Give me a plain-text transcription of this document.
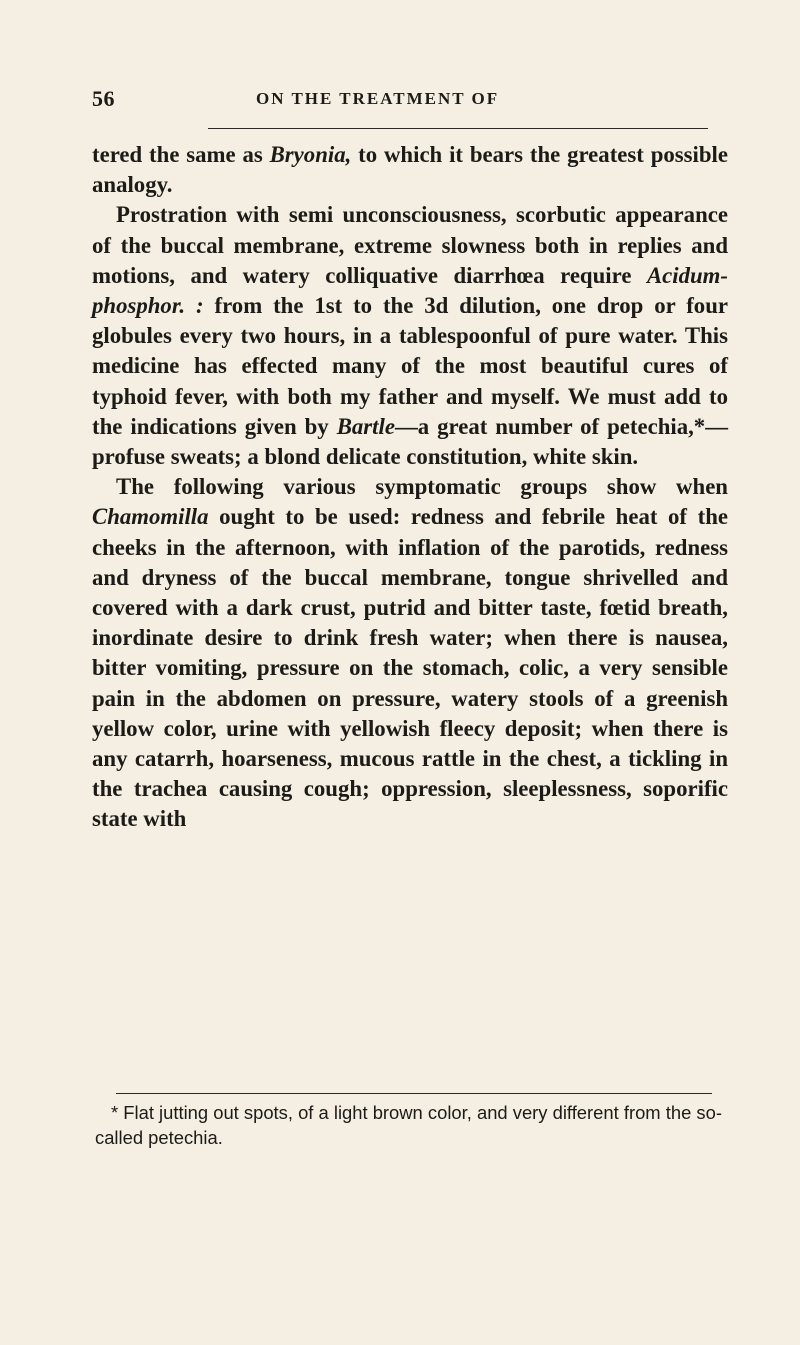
56	ON THE TREATMENT OF

tered the same as Bryonia, to which it bears the greatest possible analogy.

Prostration with semi unconsciousness, scorbutic appearance of the buccal membrane, extreme slowness both in replies and motions, and watery colliquative diarrhœa require Acidum-phosphor. : from the 1st to the 3d dilution, one drop or four globules every two hours, in a tablespoonful of pure water. This medicine has effected many of the most beautiful cures of typhoid fever, with both my father and myself. We must add to the indications given by Bartle—a great number of petechia,*—profuse sweats; a blond delicate constitution, white skin.

The following various symptomatic groups show when Chamomilla ought to be used: redness and febrile heat of the cheeks in the afternoon, with inflation of the parotids, redness and dryness of the buccal membrane, tongue shrivelled and covered with a dark crust, putrid and bitter taste, fœtid breath, inordinate desire to drink fresh water; when there is nausea, bitter vomiting, pressure on the stomach, colic, a very sensible pain in the abdomen on pressure, watery stools of a greenish yellow color, urine with yellowish fleecy deposit; when there is any catarrh, hoarseness, mucous rattle in the chest, a tickling in the trachea causing cough; oppression, sleeplessness, soporific state with

* Flat jutting out spots, of a light brown color, and very different from the so-called petechia.
